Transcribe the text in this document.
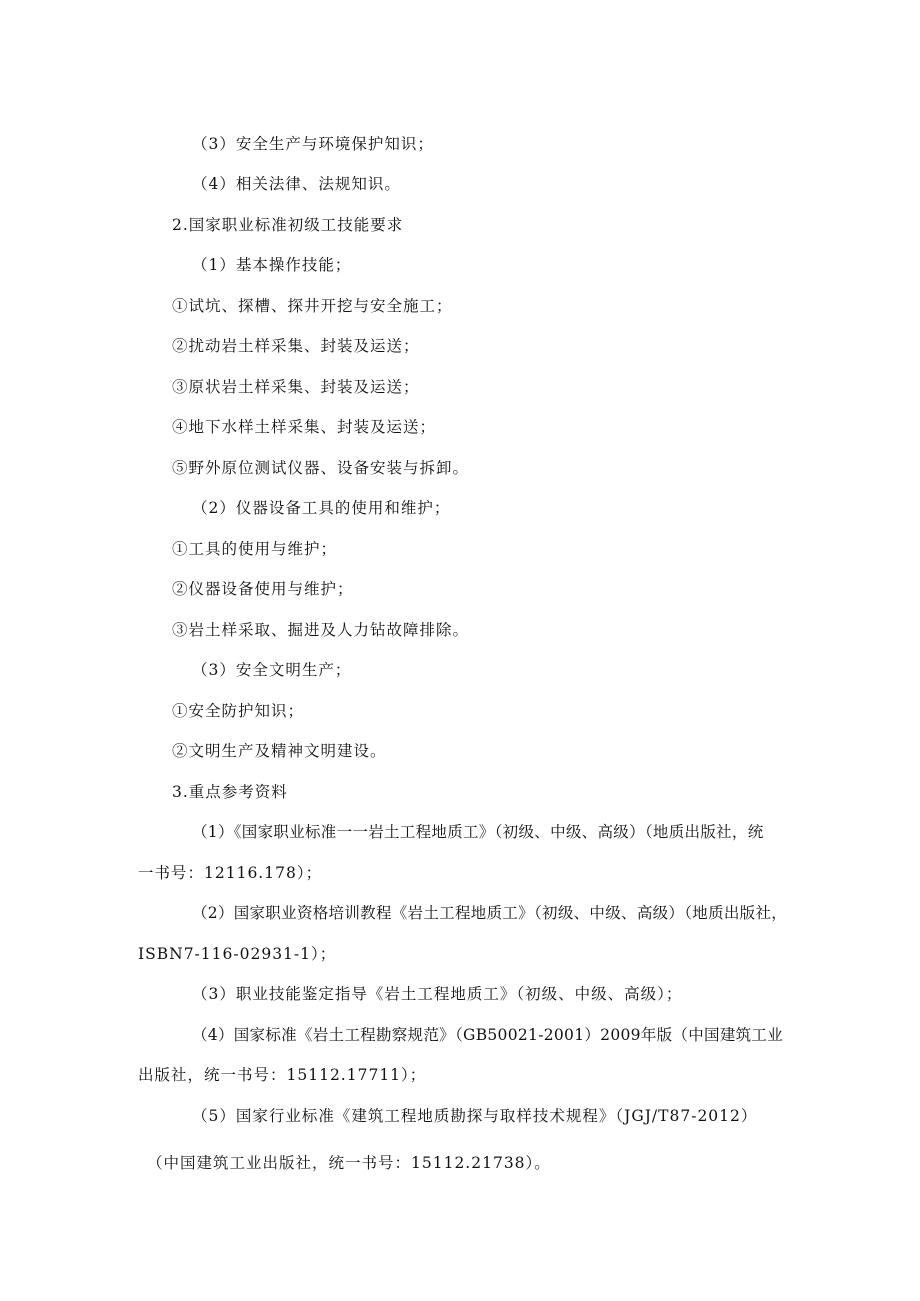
（3）安全生产与环境保护知识；
（4）相关法律、法规知识。
2.国家职业标准初级工技能要求
（1）基本操作技能；
①试坑、探槽、探井开挖与安全施工；
②扰动岩土样采集、封装及运送；
③原状岩土样采集、封装及运送；
④地下水样土样采集、封装及运送；
⑤野外原位测试仪器、设备安装与拆卸。
（2）仪器设备工具的使用和维护；
①工具的使用与维护；
②仪器设备使用与维护；
③岩土样采取、掘进及人力钻故障排除。
（3）安全文明生产；
①安全防护知识；
②文明生产及精神文明建设。
3.重点参考资料
（1）《国家职业标准一一岩土工程地质工》（初级、中级、高级）（地质出版社，统
一书号：12116.178）；
（2）国家职业资格培训教程《岩土工程地质工》（初级、中级、高级）（地质出版社，
ISBN7-116-02931-1）；
（3）职业技能鉴定指导《岩土工程地质工》（初级、中级、高级）；
（4）国家标准《岩土工程勘察规范》（GB50021-2001）2009年版（中国建筑工业
出版社，统一书号：15112.17711）；
（5）国家行业标准《建筑工程地质勘探与取样技术规程》（JGJ/T87-2012）
（中国建筑工业出版社，统一书号：15112.21738）。
